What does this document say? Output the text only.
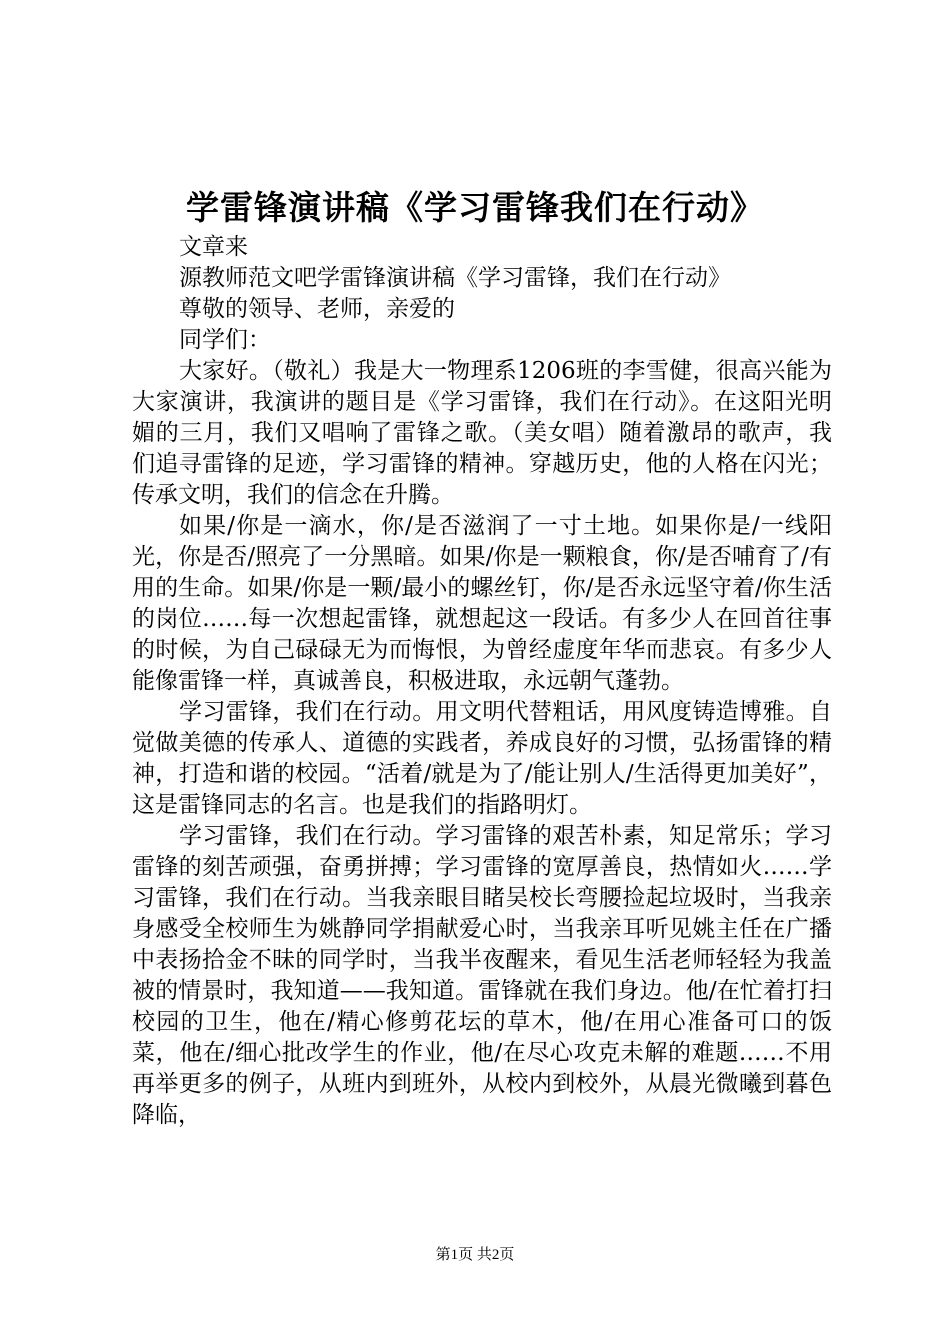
学雷锋演讲稿《学习雷锋我们在行动》

文章来

源教师范文吧学雷锋演讲稿《学习雷锋，我们在行动》

尊敬的领导、老师，亲爱的

同学们：

大家好。（敬礼）我是大一物理系1206班的李雪健，很高兴能为大家演讲，我演讲的题目是《学习雷锋，我们在行动》。在这阳光明媚的三月，我们又唱响了雷锋之歌。（美女唱）随着激昂的歌声，我们追寻雷锋的足迹，学习雷锋的精神。穿越历史，他的人格在闪光；传承文明，我们的信念在升腾。

如果/你是一滴水，你/是否滋润了一寸土地。如果你是/一线阳光，你是否/照亮了一分黑暗。如果/你是一颗粮食，你/是否哺育了/有用的生命。如果/你是一颗/最小的螺丝钉，你/是否永远坚守着/你生活的岗位……每一次想起雷锋，就想起这一段话。有多少人在回首往事的时候，为自己碌碌无为而悔恨，为曾经虚度年华而悲哀。有多少人能像雷锋一样，真诚善良，积极进取，永远朝气蓬勃。

学习雷锋，我们在行动。用文明代替粗话，用风度铸造博雅。自觉做美德的传承人、道德的实践者，养成良好的习惯，弘扬雷锋的精神，打造和谐的校园。“活着/就是为了/能让别人/生活得更加美好”，这是雷锋同志的名言。也是我们的指路明灯。

学习雷锋，我们在行动。学习雷锋的艰苦朴素，知足常乐；学习雷锋的刻苦顽强，奋勇拼搏；学习雷锋的宽厚善良，热情如火……学习雷锋，我们在行动。当我亲眼目睹吴校长弯腰捡起垃圾时，当我亲身感受全校师生为姚静同学捐献爱心时，当我亲耳听见姚主任在广播中表扬拾金不昧的同学时，当我半夜醒来，看见生活老师轻轻为我盖被的情景时，我知道——我知道。雷锋就在我们身边。他/在忙着打扫校园的卫生，他在/精心修剪花坛的草木，他/在用心准备可口的饭菜，他在/细心批改学生的作业，他/在尽心攻克未解的难题……不用再举更多的例子，从班内到班外，从校内到校外，从晨光微曦到暮色降临，

第1页 共2页
